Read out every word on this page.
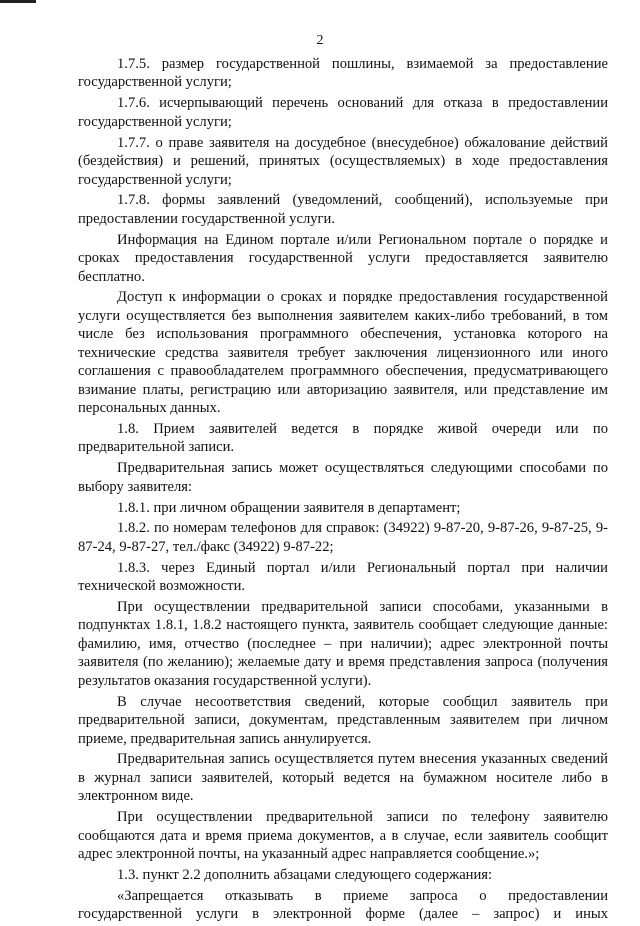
2

1.7.5. размер государственной пошлины, взимаемой за предоставление государственной услуги;

1.7.6. исчерпывающий перечень оснований для отказа в предоставлении государственной услуги;

1.7.7. о праве заявителя на досудебное (внесудебное) обжалование действий (бездействия) и решений, принятых (осуществляемых) в ходе предоставления государственной услуги;

1.7.8. формы заявлений (уведомлений, сообщений), используемые при предоставлении государственной услуги.

Информация на Едином портале и/или Региональном портале о порядке и сроках предоставления государственной услуги предоставляется заявителю бесплатно.

Доступ к информации о сроках и порядке предоставления государственной услуги осуществляется без выполнения заявителем каких-либо требований, в том числе без использования программного обеспечения, установка которого на технические средства заявителя требует заключения лицензионного или иного соглашения с правообладателем программного обеспечения, предусматривающего взимание платы, регистрацию или авторизацию заявителя, или представление им персональных данных.

1.8. Прием заявителей ведется в порядке живой очереди или по предварительной записи.

Предварительная запись может осуществляться следующими способами по выбору заявителя:

1.8.1. при личном обращении заявителя в департамент;

1.8.2. по номерам телефонов для справок: (34922) 9-87-20, 9-87-26, 9-87-25, 9-87-24, 9-87-27, тел./факс (34922) 9-87-22;

1.8.3. через Единый портал и/или Региональный портал при наличии технической возможности.

При осуществлении предварительной записи способами, указанными в подпунктах 1.8.1, 1.8.2 настоящего пункта, заявитель сообщает следующие данные: фамилию, имя, отчество (последнее – при наличии); адрес электронной почты заявителя (по желанию); желаемые дату и время представления запроса (получения результатов оказания государственной услуги).

В случае несоответствия сведений, которые сообщил заявитель при предварительной записи, документам, представленным заявителем при личном приеме, предварительная запись аннулируется.

Предварительная запись осуществляется путем внесения указанных сведений в журнал записи заявителей, который ведется на бумажном носителе либо в электронном виде.

При осуществлении предварительной записи по телефону заявителю сообщаются дата и время приема документов, а в случае, если заявитель сообщит адрес электронной почты, на указанный адрес направляется сообщение.»;

1.3. пункт 2.2 дополнить абзацами следующего содержания:

«Запрещается отказывать в приеме запроса о предоставлении государственной услуги в электронной форме (далее – запрос) и иных
